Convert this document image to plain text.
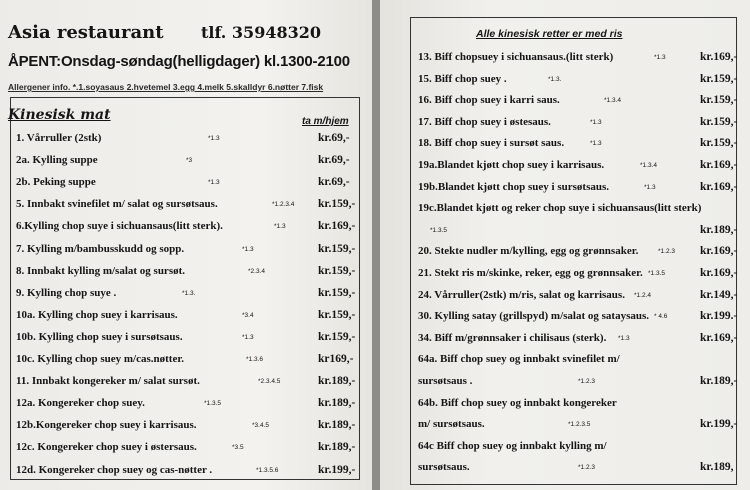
Asia restaurant tlf. 35948320
ÅPENT:Onsdag-søndag(helligdager) kl.1300-2100
Allergener info. *.1.soyasaus 2.hvetemel 3.egg 4.melk 5.skalldyr 6.nøtter 7.fisk
Kinesisk mat	ta m/hjem
1. Vårruller (2stk)	*1.3	kr.69,-
2a. Kylling suppe	*3	kr.69,-
2b. Peking suppe	*1.3	kr.69,-
5. Innbakt svinefilet m/ salat og sursøtsaus.	*1.2.3.4 kr.159,-
6.Kylling chop suye i sichuansaus(litt sterk).	*1.3	kr.169,-
7. Kylling m/bambusskudd og sopp.	*1.3	kr.159,-
8. Innbakt kylling m/salat og sursøt.	*2.3.4	kr.159,-
9. Kylling chop suye .	*1.3.	kr.159,-
10a. Kylling chop suey i karrisaus.	*3.4	kr.159,-
10b. Kylling chop suey i sursøtsaus.	*1.3	kr.159,-
10c. Kylling chop suey m/cas.nøtter.	*1.3.6	kr169,-
11. Innbakt kongereker m/ salat sursøt.	*2.3.4.5	kr.189,-
12a. Kongereker chop suey.	*1.3.5	kr.189,-
12b.Kongereker chop suey i karrisaus.	*3.4.5	kr.189,-
12c. Kongereker chop suey i østersaus.	*3.5	kr.189,-
12d. Kongereker chop suey og cas-nøtter .	*1.3.5.6	kr.199,-
Alle kinesisk retter er med ris
13. Biff chopsuey i sichuansaus.(litt sterk)	*1.3	kr.169,-
15. Biff chop suey .	*1.3.	kr.159,-
16. Biff chop suey i karri saus.	*1.3.4	kr.159,-
17. Biff chop suey i østesaus.	*1.3	kr.159,-
18. Biff chop suey i sursøt saus.	*1.3	kr.159,-
19a.Blandet kjøtt chop suey i karrisaus.	*1.3.4	kr.169,-
19b.Blandet kjøtt chop suey i sursøtsaus.	*1.3	kr.169,-
19c.Blandet kjøtt og reker chop suye i sichuansaus(litt sterk)
*1.3.5	kr.189,-
20. Stekte nudler m/kylling, egg og grønnsaker.	*1.2.3 kr.169,-
21. Stekt ris m/skinke, reker, egg og grønnsaker. *1.3.5	kr.169,-
24. Vårruller(2stk) m/ris, salat og karrisaus. *1.2.4	kr.149,-
30. Kylling satay (grillspyd) m/salat og sataysaus. * 4.6	kr.199.-
34. Biff m/grønnsaker i chilisaus (sterk). *1.3	kr.169,-
64a. Biff chop suey og innbakt svinefilet m/
sursøtsaus .	*1.2.3	kr.189,-
64b. Biff chop suey og innbakt kongereker
m/ sursøtsaus.	*1.2.3.5	kr.199,-
64c Biff chop suey og innbakt kylling m/
sursøtsaus.	*1.2.3	kr.189,
